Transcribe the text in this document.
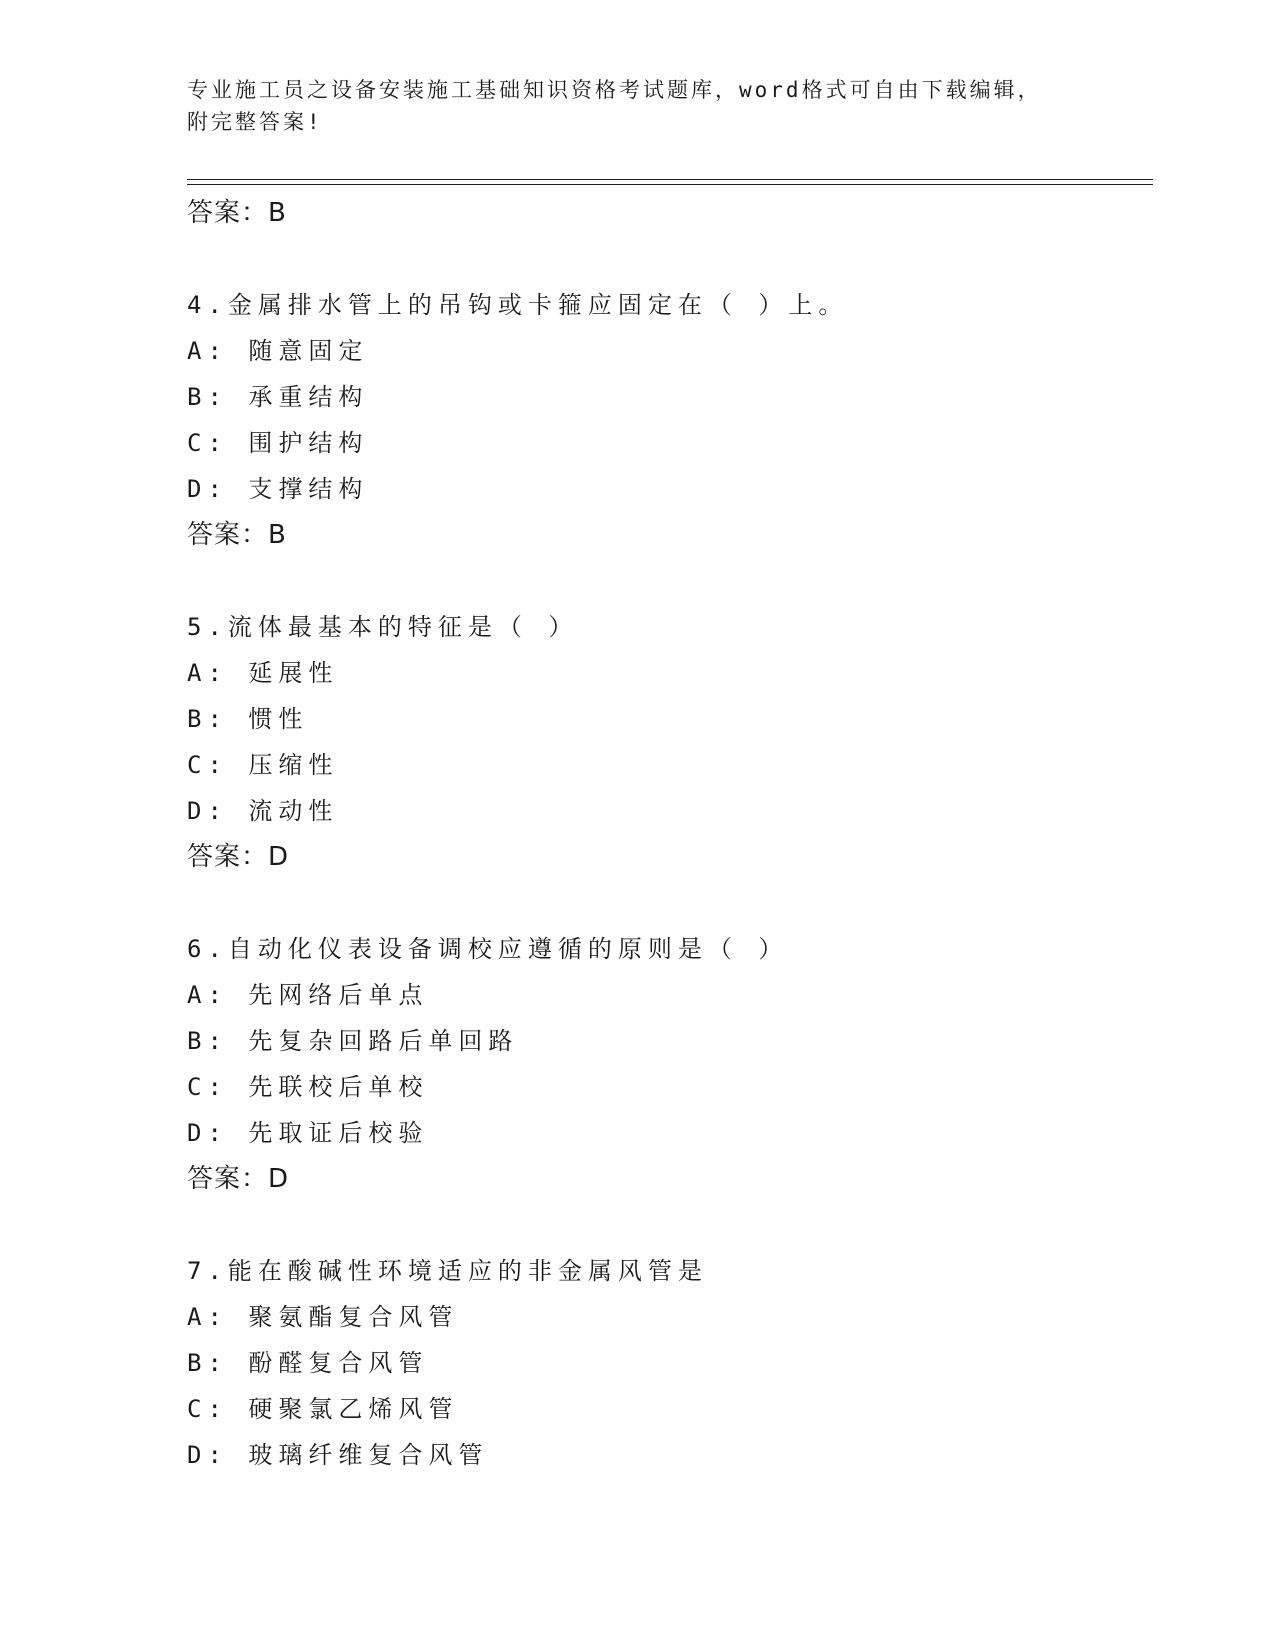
专业施工员之设备安装施工基础知识资格考试题库，word格式可自由下载编辑，
附完整答案!
答案：B
4.金属排水管上的吊钩或卡箍应固定在（ ）上。
A: 随意固定
B: 承重结构
C: 围护结构
D: 支撑结构
答案：B
5.流体最基本的特征是（ ）
A: 延展性
B: 惯性
C: 压缩性
D: 流动性
答案：D
6.自动化仪表设备调校应遵循的原则是（ ）
A: 先网络后单点
B: 先复杂回路后单回路
C: 先联校后单校
D: 先取证后校验
答案：D
7.能在酸碱性环境适应的非金属风管是
A: 聚氨酯复合风管
B: 酚醛复合风管
C: 硬聚氯乙烯风管
D: 玻璃纤维复合风管
